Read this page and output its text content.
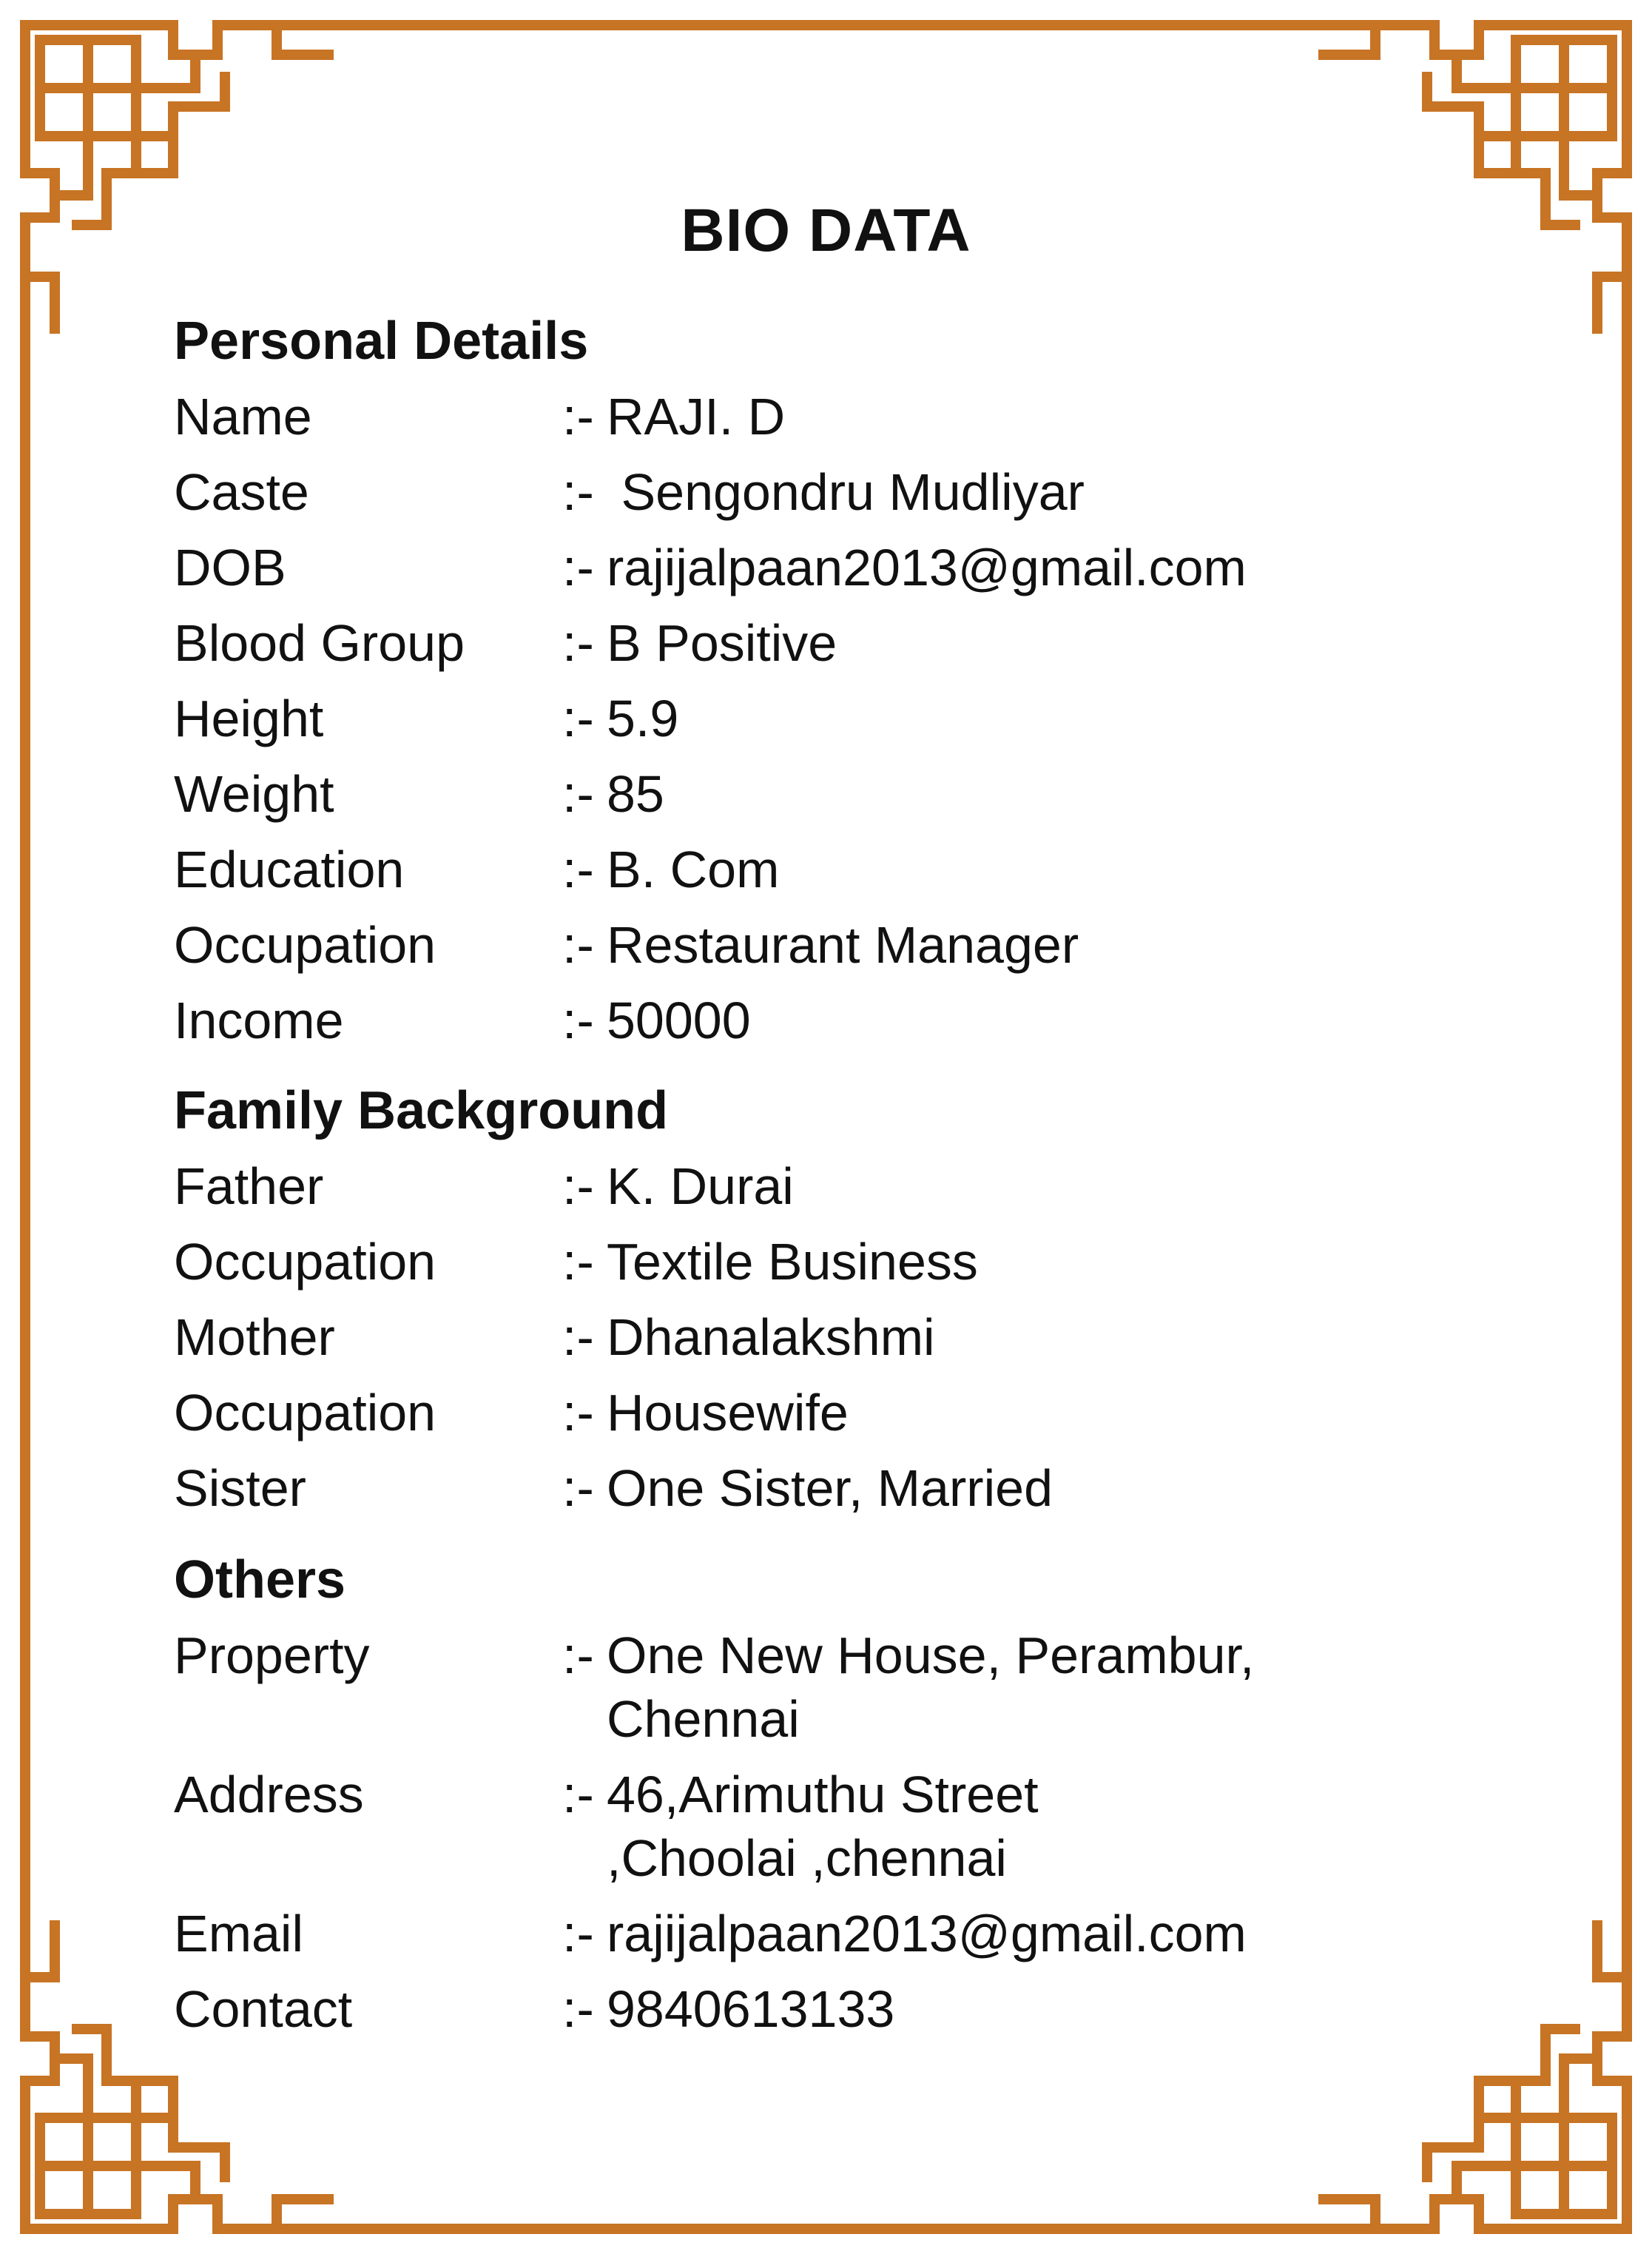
BIO DATA
Personal Details
Name	:- RAJI. D
Caste	:- Sengondru Mudliyar
DOB	:- rajijalpaan2013@gmail.com
Blood Group	:- B Positive
Height	:- 5.9
Weight	:- 85
Education	:- B. Com
Occupation	:- Restaurant Manager
Income	:- 50000
Family Background
Father	:- K. Durai
Occupation	:- Textile Business
Mother	:- Dhanalakshmi
Occupation	:- Housewife
Sister	:- One Sister, Married
Others
Property	:- One New House, Perambur, Chennai
Address	:- 46,Arimuthu Street ,Choolai ,chennai
Email	:- rajijalpaan2013@gmail.com
Contact	:- 9840613133
